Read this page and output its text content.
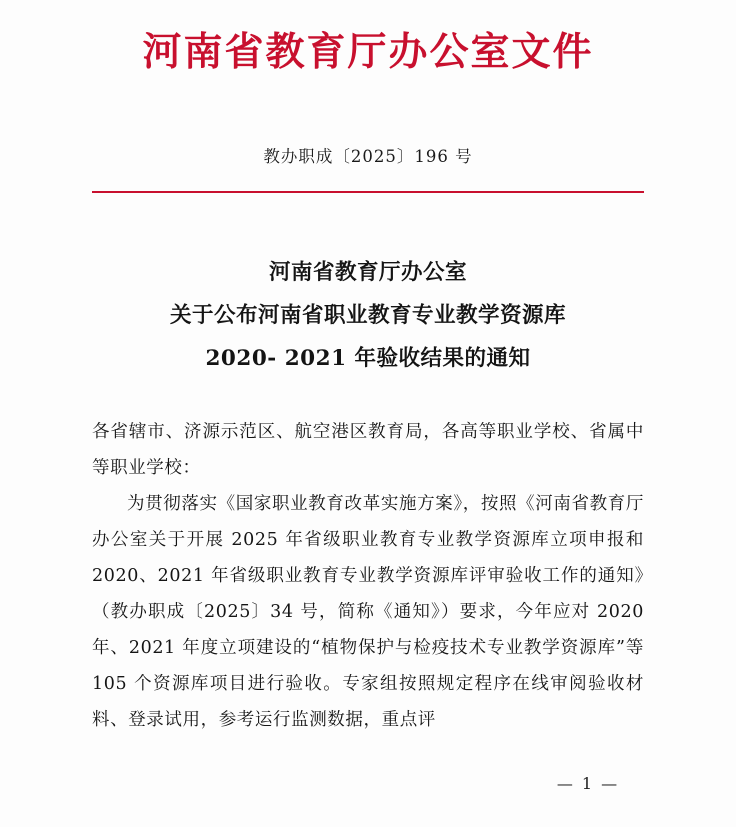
河南省教育厅办公室文件
教办职成〔2025〕196 号
河南省教育厅办公室
关于公布河南省职业教育专业教学资源库
2020- 2021 年验收结果的通知

各省辖市、济源示范区、航空港区教育局，各高等职业学校、省属中等职业学校：

为贯彻落实《国家职业教育改革实施方案》，按照《河南省教育厅办公室关于开展 2025 年省级职业教育专业教学资源库立项申报和 2020、2021 年省级职业教育专业教学资源库评审验收工作的通知》（教办职成〔2025〕34 号，简称《通知》）要求，今年应对 2020 年、2021 年度立项建设的“植物保护与检疫技术专业教学资源库”等 105 个资源库项目进行验收。专家组按照规定程序在线审阅验收材料、登录试用，参考运行监测数据，重点评

— 1 —
